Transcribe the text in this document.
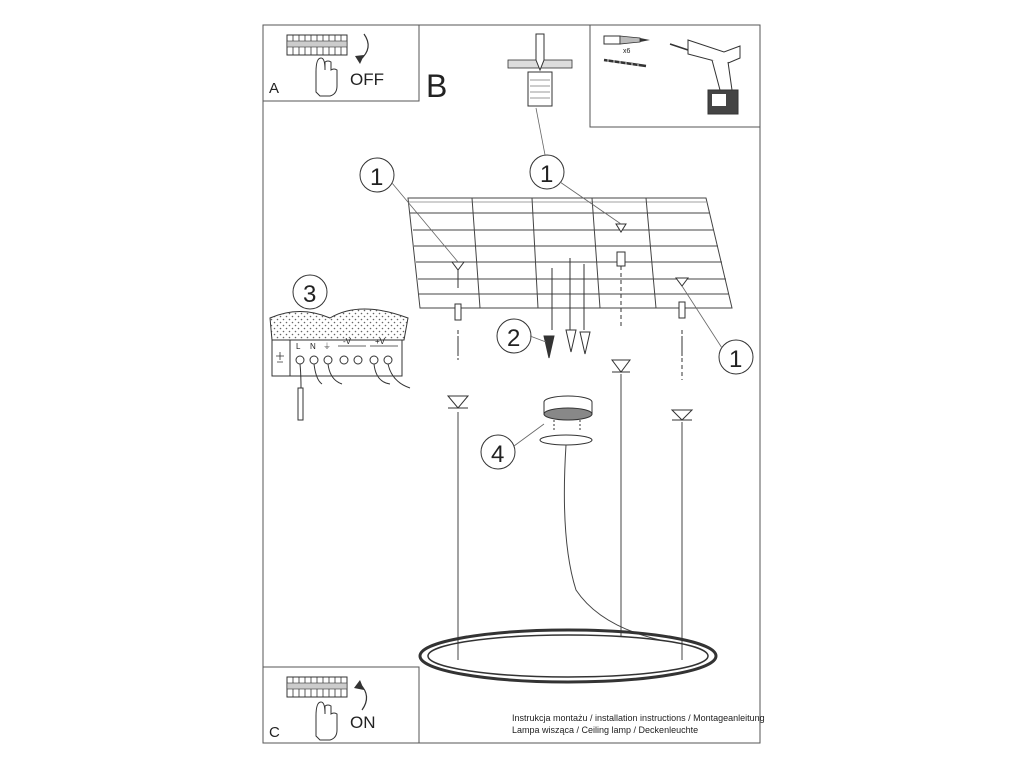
A	OFF B
x6
L N ⏚
-V	+V
1	1
1
2
3
4
C
ON	Instrukcja montażu / installation instructions / Montageanleitung
Lampa wisząca / Ceiling lamp / Deckenleuchte
